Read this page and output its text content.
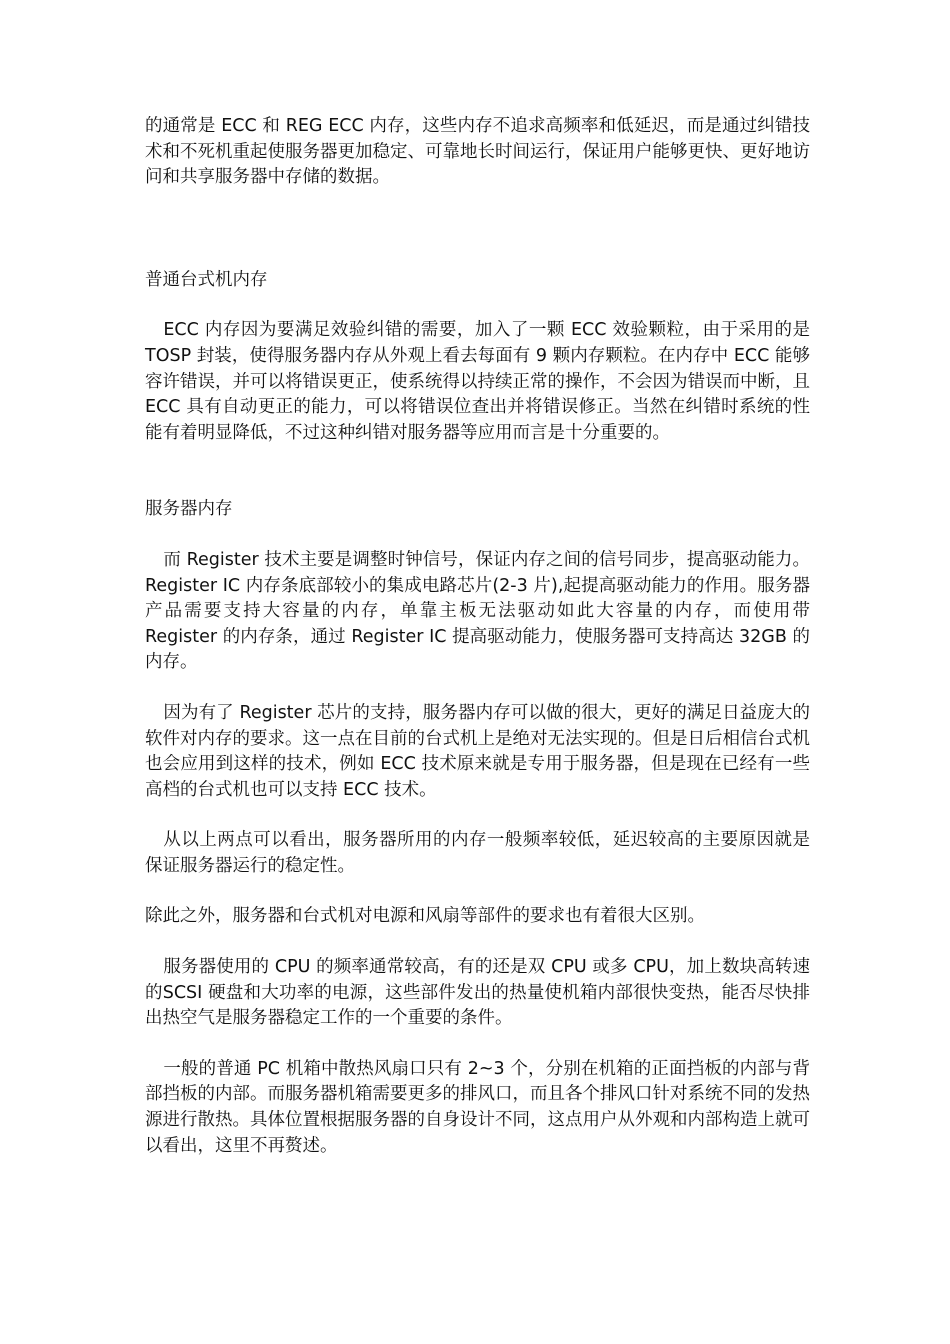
的通常是 ECC 和 REG ECC 内存，这些内存不追求高频率和低延迟，而是通过纠错技术和不死机重起使服务器更加稳定、可靠地长时间运行，保证用户能够更快、更好地访问和共享服务器中存储的数据。

普通台式机内存

ECC 内存因为要满足效验纠错的需要，加入了一颗 ECC 效验颗粒，由于采用的是 TOSP 封装，使得服务器内存从外观上看去每面有 9 颗内存颗粒。在内存中 ECC 能够容许错误，并可以将错误更正，使系统得以持续正常的操作，不会因为错误而中断，且 ECC 具有自动更正的能力，可以将错误位查出并将错误修正。当然在纠错时系统的性能有着明显降低，不过这种纠错对服务器等应用而言是十分重要的。

服务器内存

而 Register 技术主要是调整时钟信号，保证内存之间的信号同步，提高驱动能力。Register IC 内存条底部较小的集成电路芯片(2-3 片),起提高驱动能力的作用。服务器产品需要支持大容量的内存，单靠主板无法驱动如此大容量的内存，而使用带 Register 的内存条，通过 Register IC 提高驱动能力，使服务器可支持高达 32GB 的内存。

因为有了 Register 芯片的支持，服务器内存可以做的很大，更好的满足日益庞大的软件对内存的要求。这一点在目前的台式机上是绝对无法实现的。但是日后相信台式机也会应用到这样的技术，例如 ECC 技术原来就是专用于服务器，但是现在已经有一些高档的台式机也可以支持 ECC 技术。

从以上两点可以看出，服务器所用的内存一般频率较低，延迟较高的主要原因就是保证服务器运行的稳定性。

除此之外，服务器和台式机对电源和风扇等部件的要求也有着很大区别。

服务器使用的 CPU 的频率通常较高，有的还是双 CPU 或多 CPU，加上数块高转速的SCSI 硬盘和大功率的电源，这些部件发出的热量使机箱内部很快变热，能否尽快排出热空气是服务器稳定工作的一个重要的条件。

一般的普通 PC 机箱中散热风扇口只有 2~3 个，分别在机箱的正面挡板的内部与背部挡板的内部。而服务器机箱需要更多的排风口，而且各个排风口针对系统不同的发热源进行散热。具体位置根据服务器的自身设计不同，这点用户从外观和内部构造上就可以看出，这里不再赘述。
